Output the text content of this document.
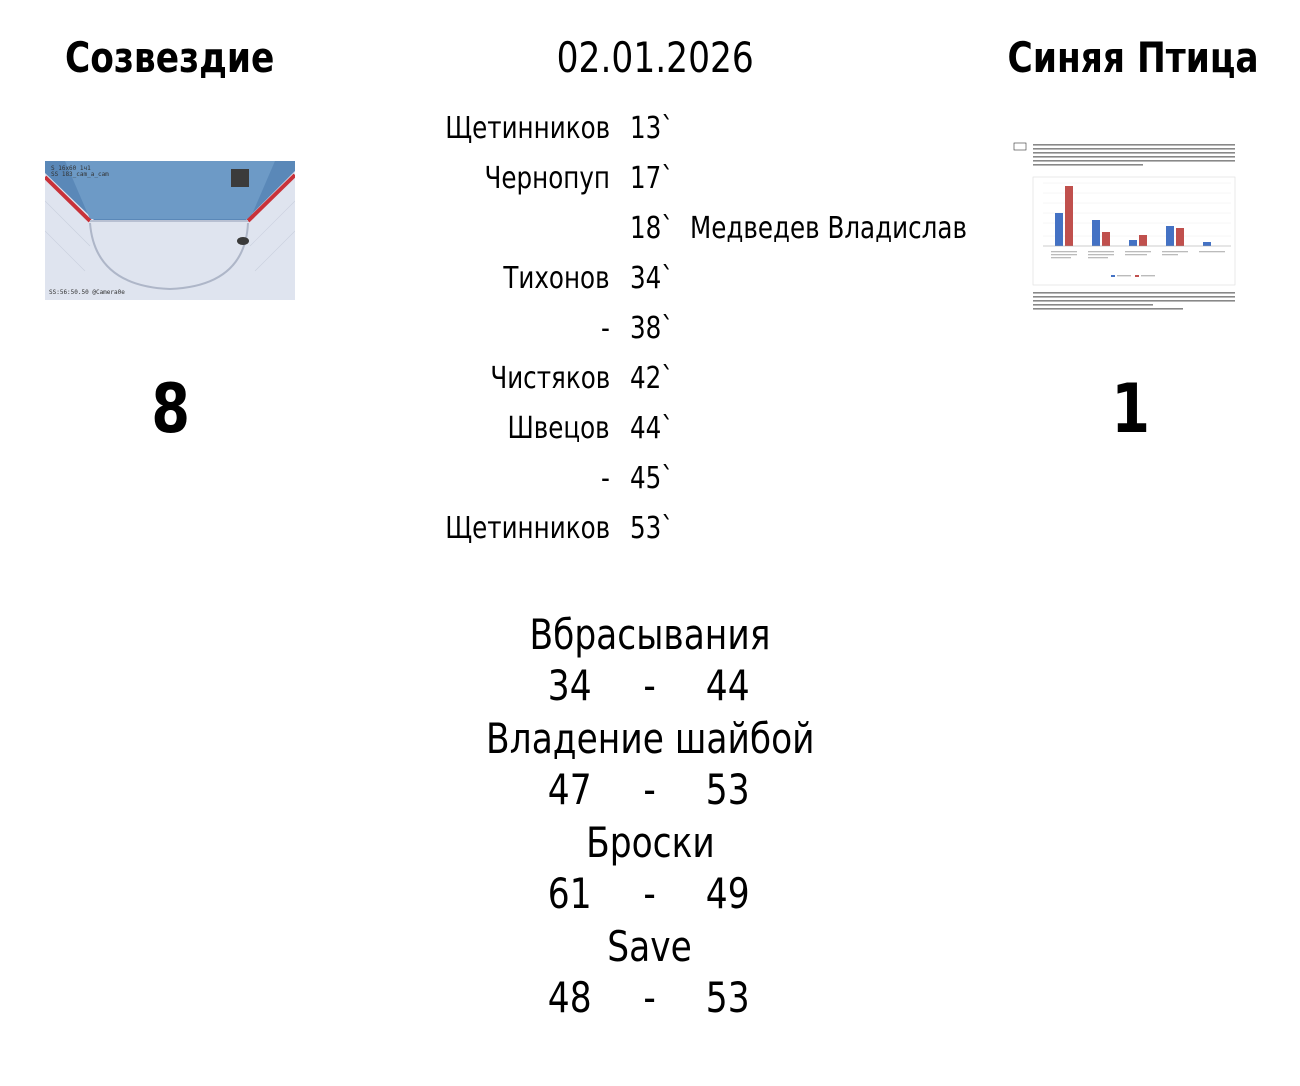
Созвездие	02.01.2026	Синяя Птица
S 16x60 1ч1
SS 183_cam_a_cam
SS:56:50.50 @Camera0e
8	1
Щетинников 13`
Чернопуп 17`
18` Медведев Владислав
Тихонов 34`
- 38`
Чистяков 42`
Швецов 44`
- 45`
Щетинников 53`
Вбрасывания
34	-	44
Владение шайбой
47	-	53
Броски
61	-	49
Save
48	-	53
